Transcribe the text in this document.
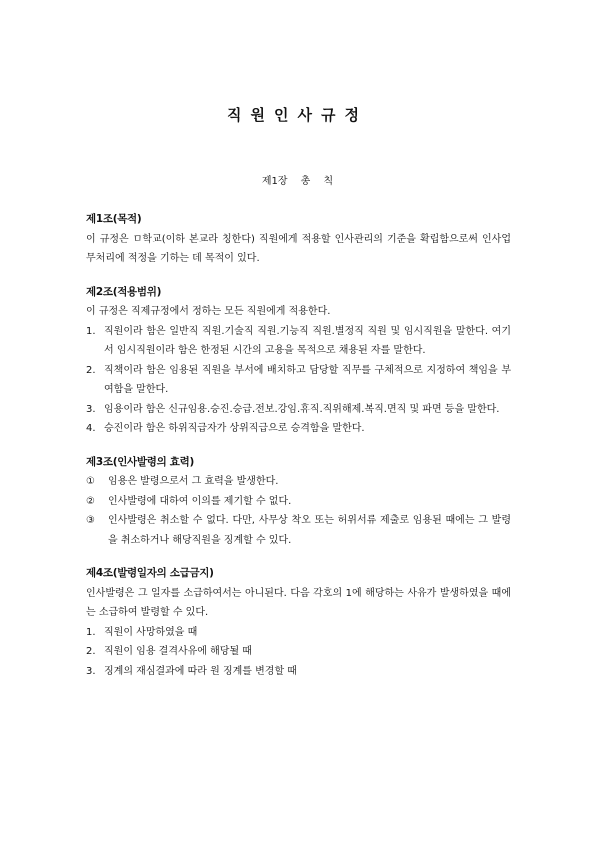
직원인사규정
제1장 총 칙
제1조(목적)
이 규정은 ㅁ학교(이하 본교라 칭한다) 직원에게 적용할 인사관리의 기준을 확립함으로써 인사업무처리에 적정을 기하는 데 목적이 있다.
제2조(적용범위)
이 규정은 직제규정에서 정하는 모든 직원에게 적용한다.
1. 직원이라 함은 일반직 직원.기술직 직원.기능직 직원.별정직 직원 및 임시직원을 말한다. 여기서 임시직원이라 함은 한정된 시간의 고용을 목적으로 채용된 자를 말한다.
2. 직책이라 함은 임용된 직원을 부서에 배치하고 담당할 직무를 구체적으로 지정하여 책임을 부여함을 말한다.
3. 임용이라 함은 신규임용.승진.승급.전보.강임.휴직.직위해제.복직.면직 및 파면 등을 말한다.
4. 승진이라 함은 하위직급자가 상위직급으로 승격함을 말한다.
제3조(인사발령의 효력)
① 임용은 발령으로서 그 효력을 발생한다.
② 인사발령에 대하여 이의를 제기할 수 없다.
③ 인사발령은 취소할 수 없다. 다만, 사무상 착오 또는 허위서류 제출로 임용된 때에는 그 발령을 취소하거나 해당직원을 징계할 수 있다.
제4조(발령일자의 소급금지)
인사발령은 그 일자를 소급하여서는 아니된다. 다음 각호의 1에 해당하는 사유가 발생하였을 때에는 소급하여 발령할 수 있다.
1. 직원이 사망하였을 때
2. 직원이 임용 결격사유에 해당될 때
3. 징계의 재심결과에 따라 원 징계를 변경할 때
